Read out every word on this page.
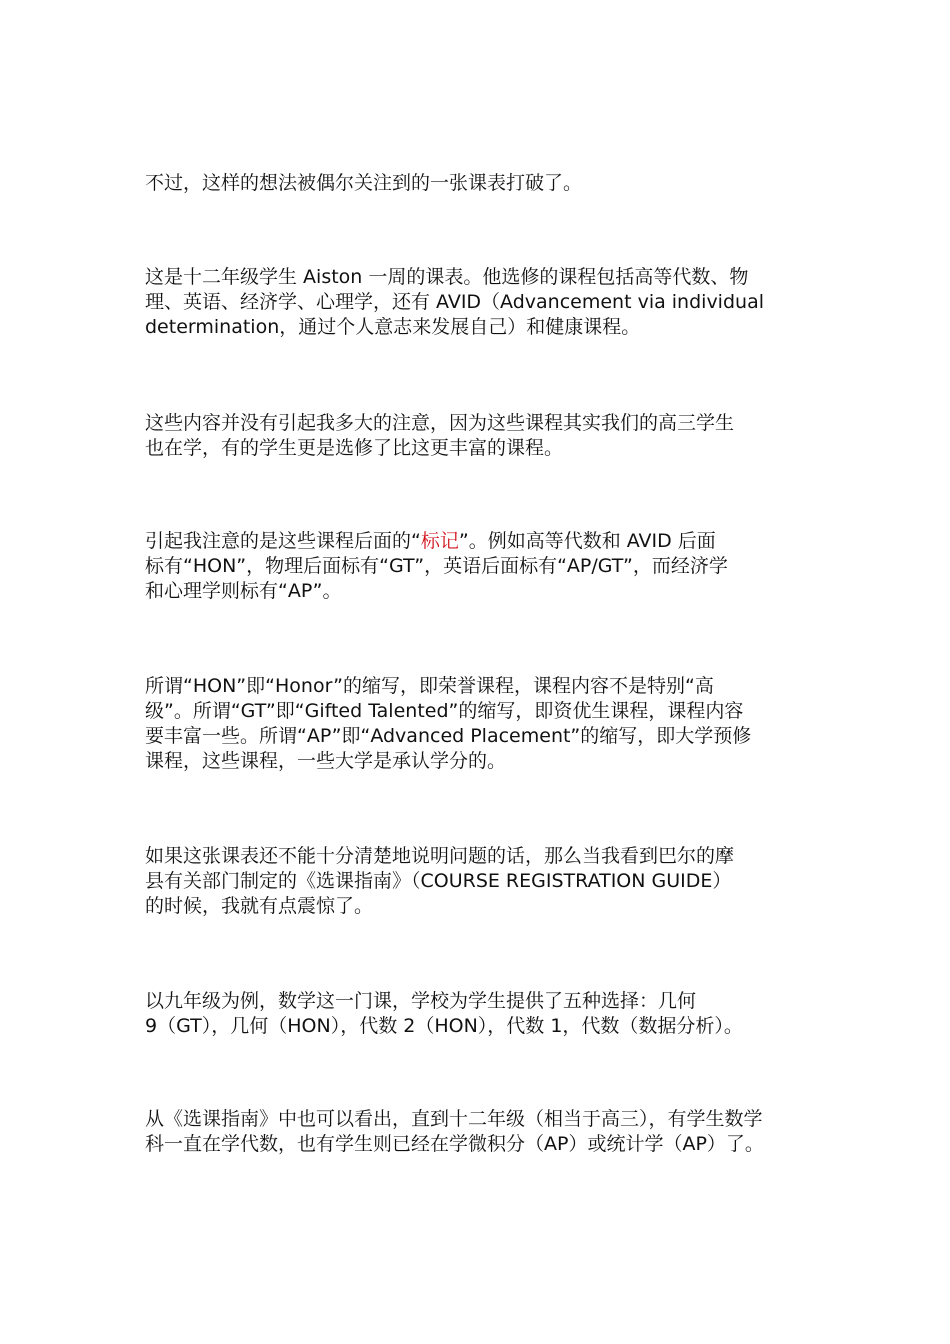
不过，这样的想法被偶尔关注到的一张课表打破了。

这是十二年级学生 Aiston 一周的课表。他选修的课程包括高等代数、物
理、英语、经济学、心理学，还有 AVID（Advancement via individual
determination，通过个人意志来发展自己）和健康课程。

这些内容并没有引起我多大的注意，因为这些课程其实我们的高三学生
也在学，有的学生更是选修了比这更丰富的课程。

引起我注意的是这些课程后面的“标记”。例如高等代数和 AVID 后面
标有“HON”，物理后面标有“GT”，英语后面标有“AP/GT”，而经济学
和心理学则标有“AP”。

所谓“HON”即“Honor”的缩写，即荣誉课程，课程内容不是特别“高
级”。所谓“GT”即“Gifted Talented”的缩写，即资优生课程，课程内容
要丰富一些。所谓“AP”即“Advanced Placement”的缩写，即大学预修
课程，这些课程，一些大学是承认学分的。

如果这张课表还不能十分清楚地说明问题的话，那么当我看到巴尔的摩
县有关部门制定的《选课指南》（COURSE REGISTRATION GUIDE）
的时候，我就有点震惊了。

以九年级为例，数学这一门课，学校为学生提供了五种选择：几何
9（GT），几何（HON），代数 2（HON），代数 1，代数（数据分析）。

从《选课指南》中也可以看出，直到十二年级（相当于高三），有学生数学
科一直在学代数，也有学生则已经在学微积分（AP）或统计学（AP）了。
